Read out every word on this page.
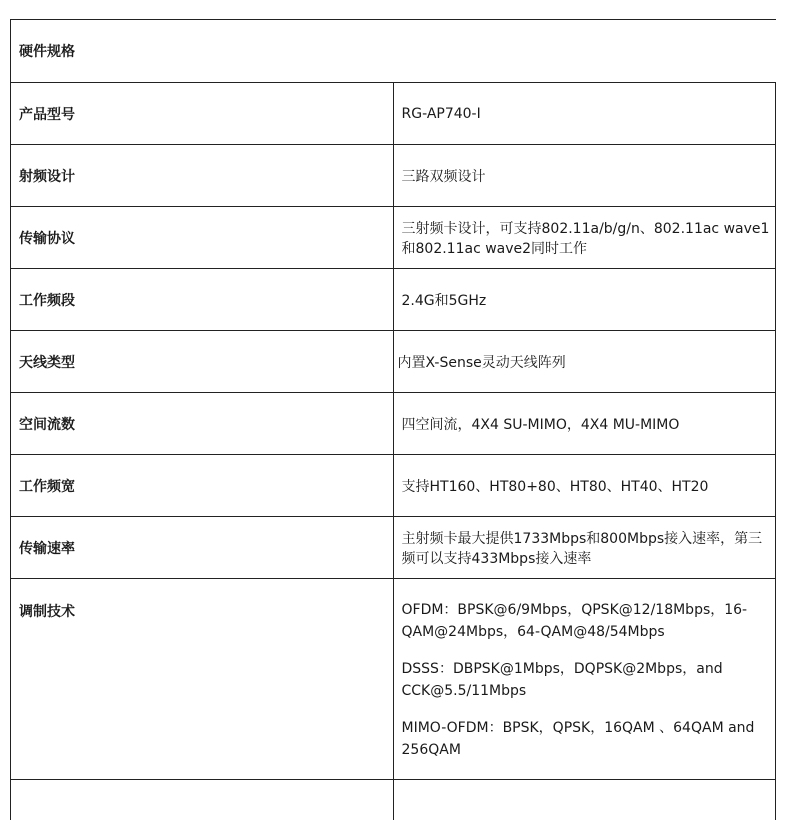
硬件规格	
产品型号	RG-AP740-I
射频设计	三路双频设计
传输协议	三射频卡设计，可支持802.11a/b/g/n、802.11ac wave1和802.11ac wave2同时工作
工作频段	2.4G和5GHz
天线类型	内置X-Sense灵动天线阵列
空间流数	四空间流，4X4 SU-MIMO，4X4 MU-MIMO
工作频宽	支持HT160、HT80+80、HT80、HT40、HT20
传输速率	主射频卡最大提供1733Mbps和800Mbps接入速率，第三频可以支持433Mbps接入速率
调制技术	OFDM：BPSK@6/9Mbps，QPSK@12/18Mbps，16-QAM@24Mbps，64-QAM@48/54Mbps
DSSS：DBPSK@1Mbps，DQPSK@2Mbps，and CCK@5.5/11Mbps
MIMO-OFDM：BPSK，QPSK，16QAM 、64QAM and 256QAM
